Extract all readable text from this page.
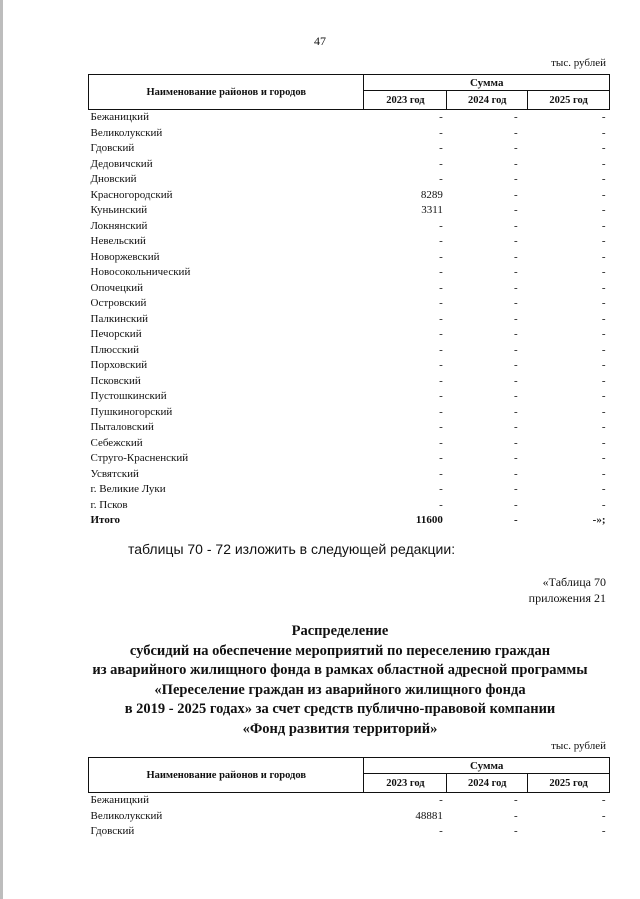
47
тыс. рублей
Наименование районов и городов	Сумма		
	2023 год	2024 год	2025 год
Бежаницкий	-	-	-
Великолукский	-	-	-
Гдовский	-	-	-
Дедовичский	-	-	-
Дновский	-	-	-
Красногородский	8289	-	-
Куньинский	3311	-	-
Локнянский	-	-	-
Невельский	-	-	-
Новоржевский	-	-	-
Новосокольнический	-	-	-
Опочецкий	-	-	-
Островский	-	-	-
Палкинский	-	-	-
Печорский	-	-	-
Плюсский	-	-	-
Порховский	-	-	-
Псковский	-	-	-
Пустошкинский	-	-	-
Пушкиногорский	-	-	-
Пыталовский	-	-	-
Себежский	-	-	-
Струго-Красненский	-	-	-
Усвятский	-	-	-
г. Великие Луки	-	-	-
г. Псков	-	-	-
Итого	11600	-	-»;
таблицы 70 - 72 изложить в следующей редакции:
«Таблица 70
приложения 21
Распределение
субсидий на обеспечение мероприятий по переселению граждан
из аварийного жилищного фонда в рамках областной адресной программы
«Переселение граждан из аварийного жилищного фонда
в 2019 - 2025 годах» за счет средств публично-правовой компании
«Фонд развития территорий»
тыс. рублей
Наименование районов и городов	Сумма		
	2023 год	2024 год	2025 год
Бежаницкий	-	-	-
Великолукский	48881	-	-
Гдовский	-	-	-
